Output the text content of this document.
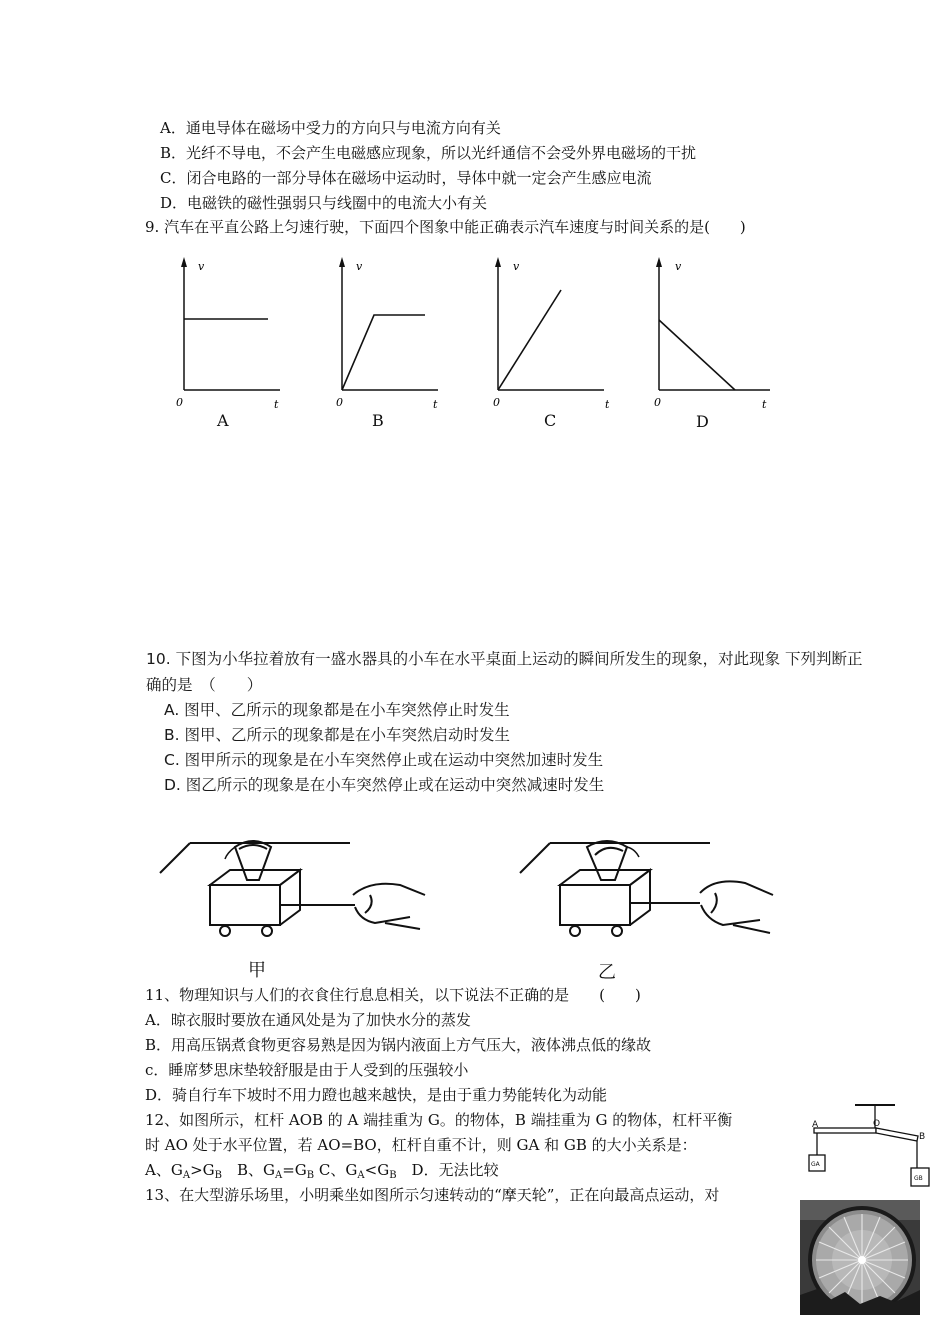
A．通电导体在磁场中受力的方向只与电流方向有关
B．光纤不导电，不会产生电磁感应现象，所以光纤通信不会受外界电磁场的干扰
C．闭合电路的一部分导体在磁场中运动时，导体中就一定会产生感应电流
D．电磁铁的磁性强弱只与线圈中的电流大小有关
9. 汽车在平直公路上匀速行驶，下面四个图象中能正确表示汽车速度与时间关系的是(　　)
v
0	t
A
v
0	t
B
v
0	t
C
v
0	t
D
10. 下图为小华拉着放有一盛水器具的小车在水平桌面上运动的瞬间所发生的现象，对此现象 下列判断正
确的是　（　　）
A. 图甲、乙所示的现象都是在小车突然停止时发生
B. 图甲、乙所示的现象都是在小车突然启动时发生
C. 图甲所示的现象是在小车突然停止或在运动中突然加速时发生
D. 图乙所示的现象是在小车突然停止或在运动中突然减速时发生
甲	乙
11、物理知识与人们的衣食住行息息相关，以下说法不正确的是　　(　　)
A．晾衣服时要放在通风处是为了加快水分的蒸发
B．用高压锅煮食物更容易熟是因为锅内液面上方气压大，液体沸点低的缘故
c．睡席梦思床垫较舒服是由于人受到的压强较小
D．骑自行车下坡时不用力蹬也越来越快，是由于重力势能转化为动能
12、如图所示，杠杆 AOB 的 A 端挂重为 G。的物体，B 端挂重为 G 的物体，杠杆平衡
时 AO 处于水平位置，若 AO=BO，杠杆自重不计，则 GA 和 GB 的大小关系是：
A、$G_A>G_B$　B、$G_A=G_B$ C、$G_A<G_B$　D．无法比较
A	O
B
GA
GB
13、在大型游乐场里，小明乘坐如图所示匀速转动的“摩天轮”，正在向最高点运动，对
